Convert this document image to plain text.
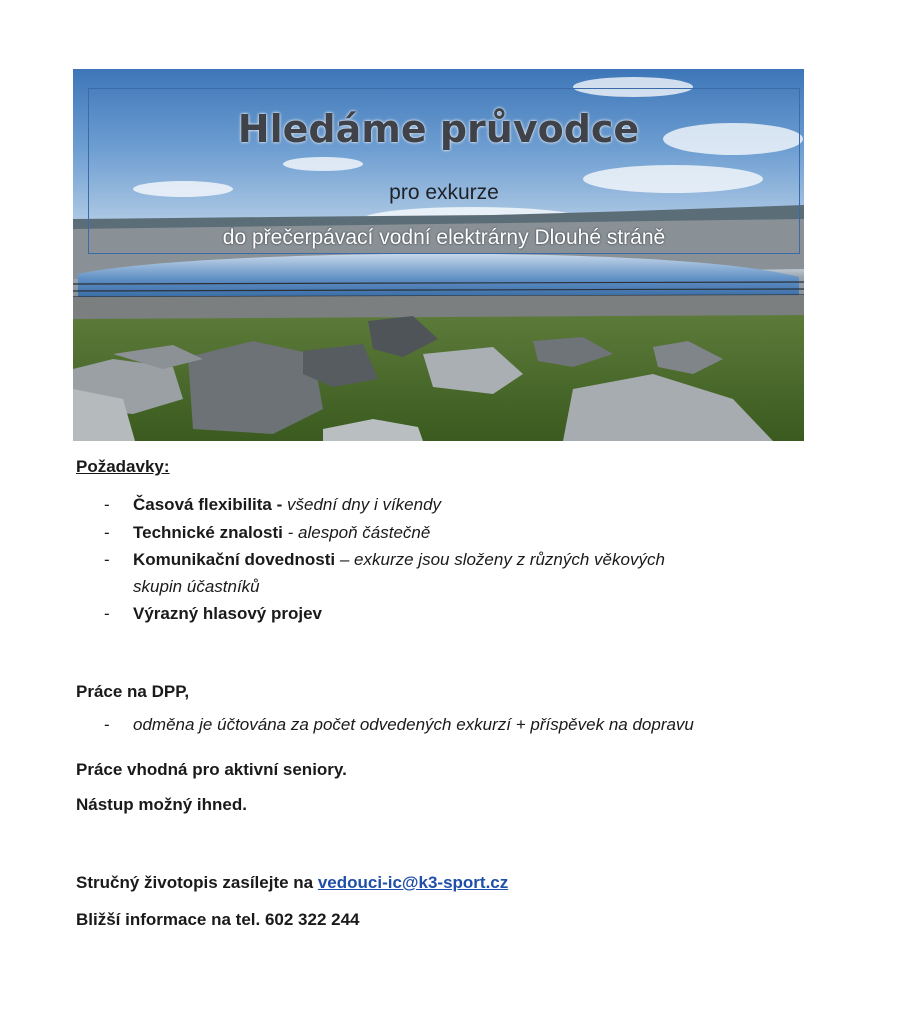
Hledáme průvodce
pro exkurze
do přečerpávací vodní elektrárny Dlouhé stráně
Požadavky:
- Časová flexibilita - všední dny i víkendy
- Technické znalosti - alespoň částečně
- Komunikační dovednosti – exkurze jsou složeny z různých věkových
- Výrazný hlasový projev
skupin účastníků
Práce na DPP,
- odměna je účtována za počet odvedených exkurzí + příspěvek na dopravu
Práce vhodná pro aktivní seniory.
Nástup možný ihned.
Stručný životopis zasílejte na vedouci-ic@k3-sport.cz
Bližší informace na tel. 602 322 244
